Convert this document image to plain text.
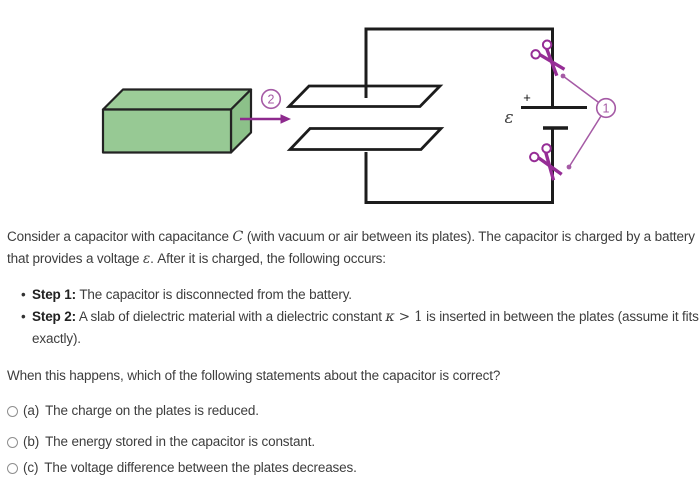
2	+
ε	1

Consider a capacitor with capacitance C (with vacuum or air between its plates). The capacitor is charged by a battery that provides a voltage ε. After it is charged, the following occurs:

• Step 1: The capacitor is disconnected from the battery.
• Step 2: A slab of dielectric material with a dielectric constant κ > 1 is inserted in between the plates (assume it fits exactly).

When this happens, which of the following statements about the capacitor is correct?

(a) The charge on the plates is reduced.
(b) The energy stored in the capacitor is constant.
(c) The voltage difference between the plates decreases.
